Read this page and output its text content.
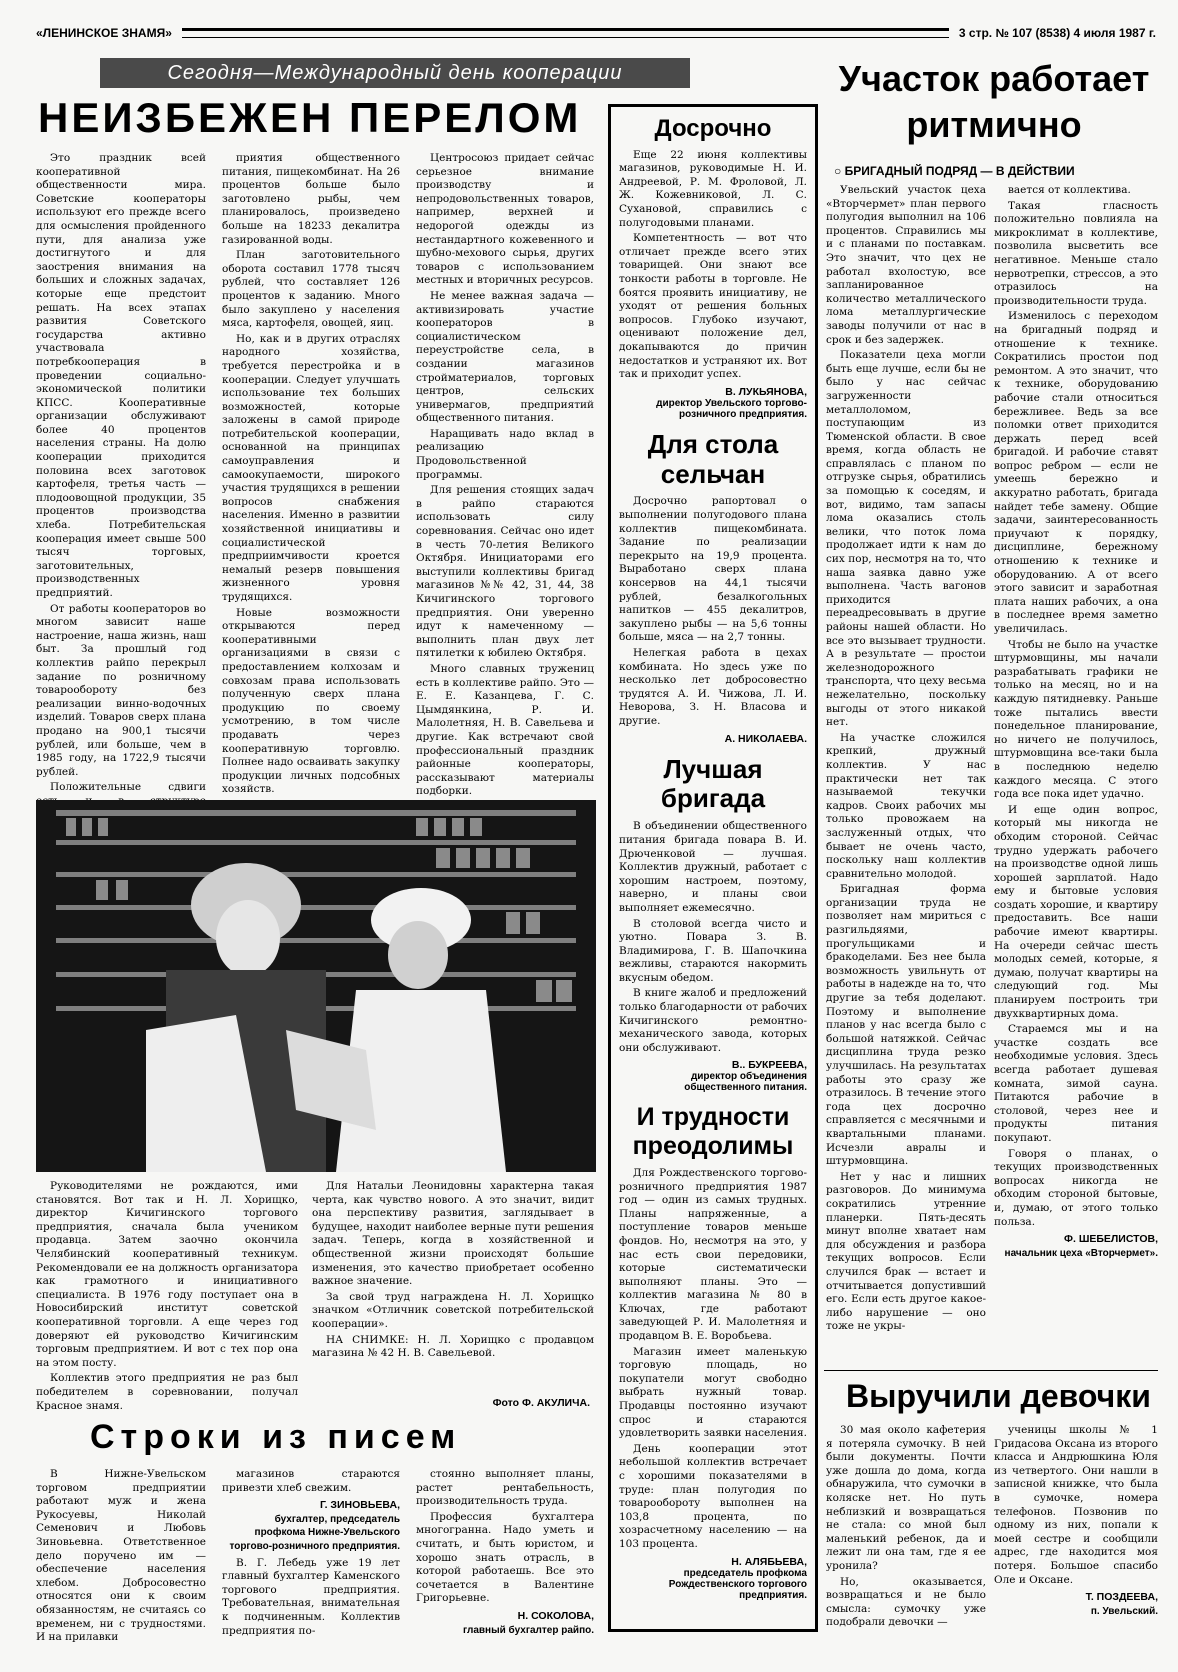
«ЛЕНИНСКОЕ ЗНАМЯ»	3 стр. № 107 (8538) 4 июля 1987 г.
Сегодня—Международный день кооперации
НЕИЗБЕЖЕН ПЕРЕЛОМ

Это праздник всей кооперативной общественности мира. Советские кооператоры используют его прежде всего для осмысления пройденного пути, для анализа уже достигнутого и для заострения внимания на больших и сложных задачах, которые еще предстоит решать. На всех этапах развития Советского государства активно участвовала потребкооперация в проведении социально-экономической политики КПСС. Кооперативные организации обслуживают более 40 процентов населения страны. На долю кооперации приходится половина всех заготовок картофеля, третья часть — плодоовощной продукции, 35 процентов производства хлеба. Потребительская кооперация имеет свыше 500 тысяч торговых, заготовительных, производственных предприятий.

От работы кооператоров во многом зависит наше настроение, наша жизнь, наш быт. За прошлый год коллектив райпо перекрыл задание по розничному товарообороту без реализации винно-водочных изделий. Товаров сверх плана продано на 900,1 тысячи рублей, или больше, чем в 1985 году, на 1722,9 тысячи рублей.

Положительные сдвиги

приятия общественного питания, пищекомбинат. На 26 процентов больше было заготовлено рыбы, чем планировалось, произведено больше на 18233 декалитра газированной воды.

План заготовительного оборота составил 1778 тысяч рублей, что составляет 126 процентов к заданию. Много было закуплено у населения мяса, картофеля, овощей, яиц.

Но, как и в других отраслях народного хозяйства, требуется перестройка и в кооперации. Следует улучшать использование тех больших возможностей, которые заложены в самой природе потребительской кооперации, основанной на принципах самоуправления и самоокупаемости, широкого участия трудящихся в решении вопросов снабжения населения. Именно в развитии хозяйственной инициативы и социалистической предприимчивости кроется немалый резерв повышения жизненного уровня трудящихся.

Новые возможности открываются перед кооперативными организациями в связи с предоставлением колхозам и совхозам права использовать полученную сверх плана продукцию по своему усмотрению, в том числе продавать через кооперативную торговлю. Полнее надо осваивать закупку продукции личных подсобных хозяйств.

Центросоюз придает сейчас серьезное внимание производству и непродовольственных товаров, например, верхней и недорогой одежды из нестандартного кожевенного и шубно-мехового сырья, других товаров с использованием местных и вторичных ресурсов.

Не менее важная задача — активизировать участие кооператоров в социалистическом переустройстве села, в создании магазинов стройматериалов, торговых центров, сельских универмагов, предприятий общественного питания.

Наращивать надо вклад в реализацию Продовольственной программы.

Для решения стоящих задач в райпо стараются использовать силу соревнования. Сейчас оно идет в честь 70-летия Великого Октября. Инициаторами его выступили коллективы бригад магазинов №№ 42, 31, 44, 38 Кичигинского торгового предприятия. Они уверенно идут к намеченному — выполнить план двух лет пятилетки к юбилею Октября.

Много славных тружениц есть в коллективе райпо. Это — Е. Е. Казанцева, Г. С. Цымдянкина, Р. И. Малолетняя, Н. В. Савельева и другие. Как встречают свой профессиональный праздник районные кооператоры, рассказывают материалы подборки.

Руководителями не рождаются, ими становятся. Вот так и Н. Л. Хорищко, директор Кичигинского торгового предприятия, сначала была учеником продавца. Затем заочно окончила Челябинский кооперативный техникум. Рекомендовали ее на должность организатора как грамотного и инициативного специалиста. В 1976 году поступает она в Новосибирский институт советской кооперативной торговли. А еще через год доверяют ей руководство Кичигинским торговым предприятием. И вот с тех пор она на этом посту.

Коллектив этого предприятия не раз был победителем в соревновании, получал Красное знамя.

Для Натальи Леонидовны характерна такая черта, как чувство нового. А это значит, видит она перспективу развития, заглядывает в будущее, находит наиболее верные пути решения задач. Теперь, когда в хозяйственной и общественной жизни происходят большие изменения, это качество приобретает особенно важное значение.

За свой труд награждена Н. Л. Хорищко значком «Отличник советской потребительской кооперации».

НА СНИМКЕ: Н. Л. Хорищко с продавцом магазина № 42 Н. В. Савельевой.

Фото Ф. АКУЛИЧА.
Строки из писем

В Нижне-Увельском торговом предприятии работают муж и жена Рукосуевы, Николай Семенович и Любовь Зиновьевна. Ответственное дело поручено им — обеспечение населения хлебом. Добросовестно относятся они к своим обязанностям, не считаясь со временем, ни с трудностями. И на прилавки

магазинов стараются привезти хлеб свежим.

Г. ЗИНОВЬЕВА,
бухгалтер, председатель профкома Нижне-Увельского торгово-розничного предприятия.

В. Г. Лебедь уже 19 лет главный бухгалтер Каменского торгового предприятия. Требовательная, внимательная к подчиненным. Коллектив предприятия по-

стоянно выполняет планы, растет рентабельность, производительность труда.

Профессия бухгалтера многогранна. Надо уметь и считать, и быть юристом, и хорошо знать отрасль, в которой работаешь. Все это сочетается в Валентине Григорьевне.

Н. СОКОЛОВА,
главный бухгалтер райпо.
Досрочно

Еще 22 июня коллективы магазинов, руководимые Н. И. Андреевой, Р. М. Фроловой, Л. Ж. Кожевниковой, Л. С. Сухановой, справились с полугодовыми планами.

Компетентность — вот что отличает прежде всего этих товарищей. Они знают все тонкости работы в торговле. Не боятся проявить инициативу, не уходят от решения больных вопросов. Глубоко изучают, оценивают положение дел, докапываются до причин недостатков и устраняют их. Вот так и приходит успех.

В. ЛУКЬЯНОВА,
директор Увельского торгово-розничного предприятия.
Для стола сельчан

Досрочно рапортовал о выполнении полугодового плана коллектив пищекомбината. Задание по реализации перекрыто на 19,9 процента. Выработано сверх плана консервов на 44,1 тысячи рублей, безалкогольных напитков — 455 декалитров, закуплено рыбы — на 5,6 тонны больше, мяса — на 2,7 тонны.

Нелегкая работа в цехах комбината. Но здесь уже по несколько лет добросовестно трудятся А. И. Чижова, Л. И. Неворова, З. Н. Власова и другие.

А. НИКОЛАЕВА.
Лучшая бригада

В объединении общественного питания бригада повара В. И. Дрюченковой — лучшая. Коллектив дружный, работает с хорошим настроем, поэтому, наверно, и планы свои выполняет ежемесячно.

В столовой всегда чисто и уютно. Повара З. В. Владимирова, Г. В. Шапочкина вежливы, стараются накормить вкусным обедом.

В книге жалоб и предложений только благодарности от рабочих Кичигинского ремонтно-механического завода, которых они обслуживают.

В.. БУКРЕЕВА,
директор объединения общественного питания.
И трудности преодолимы

Для Рождественского торгово-розничного предприятия 1987 год — один из самых трудных. Планы напряженные, а поступление товаров меньше фондов. Но, несмотря на это, у нас есть свои передовики, которые систематически выполняют планы. Это — коллектив магазина № 80 в Ключах, где работают заведующей Р. И. Малолетняя и продавцом В. Е. Воробьева.

Магазин имеет маленькую торговую площадь, но покупатели могут свободно выбрать нужный товар. Продавцы постоянно изучают спрос и стараются удовлетворить заявки населения.

День кооперации этот небольшой коллектив встречает с хорошими показателями в труде: план полугодия по товарообороту выполнен на 103,8 процента, по хозрасчетному населению — на 103 процента.

Н. АЛЯБЬЕВА,
председатель профкома Рождественского торгового предприятия.
Участок работает ритмично
○ БРИГАДНЫЙ ПОДРЯД — В ДЕЙСТВИИ

Увельский участок цеха «Вторчермет» план первого полугодия выполнил на 106 процентов. Справились мы и с планами по поставкам. Это значит, что цех не работал вхолостую, все запланированное количество металлического лома металлургические заводы получили от нас в срок и без задержек.

Показатели цеха могли быть еще лучше, если бы не было у нас сейчас загруженности металлоломом, поступающим из Тюменской области. В свое время, когда область не справлялась с планом по отгрузке сырья, обратились за помощью к соседям, и вот, видимо, там запасы лома оказались столь велики, что поток лома продолжает идти к нам до сих пор, несмотря на то, что наша заявка давно уже выполнена. Часть вагонов приходится переадресовывать в другие районы нашей области. Но все это вызывает трудности. А в результате — простои железнодорожного транспорта, что цеху весьма нежелательно, поскольку выгоды от этого никакой нет.

На участке сложился крепкий, дружный коллектив. У нас практически нет так называемой текучки кадров. Своих рабочих мы только провожаем на заслуженный отдых, что бывает не очень часто, поскольку наш коллектив сравнительно молодой.

Бригадная форма организации труда не позволяет нам мириться с разгильдяями, прогульщиками и бракоделами. Без нее была возможность увильнуть от работы в надежде на то, что другие за тебя доделают. Поэтому и выполнение планов у нас всегда было с большой натяжкой. Сейчас дисциплина труда резко улучшилась. На результатах работы это сразу же отразилось. В течение этого года цех досрочно справляется с месячными и квартальными планами. Исчезли авралы и штурмовщина.

Нет у нас и лишних разговоров. До минимума сократились утренние планерки. Пять-десять минут вполне хватает нам для обсуждения и разбора текущих вопросов. Если случился брак — встает и отчитывается допустивший его. Если есть другое какое-либо нарушение — оно тоже не укры-

вается от коллектива.

Такая гласность положительно повлияла на микроклимат в коллективе, позволила высветить все негативное. Меньше стало нервотрепки, стрессов, а это отразилось на производительности труда.

Изменилось с переходом на бригадный подряд и отношение к технике. Сократились простои под ремонтом. А это значит, что к технике, оборудованию рабочие стали относиться бережливее. Ведь за все поломки ответ приходится держать перед всей бригадой. И рабочие ставят вопрос ребром — если не умеешь бережно и аккуратно работать, бригада найдет тебе замену. Общие задачи, заинтересованность приучают к порядку, дисциплине, бережному отношению к технике и оборудованию. А от всего этого зависит и заработная плата наших рабочих, а она в последнее время заметно увеличилась.

Чтобы не было на участке штурмовщины, мы начали разрабатывать графики не только на месяц, но и на каждую пятидневку. Раньше тоже пытались ввести понедельное планирование, но ничего не получилось, штурмовщина все-таки была в последнюю неделю каждого месяца. С этого года все пока идет удачно.

И еще один вопрос, который мы никогда не обходим стороной. Сейчас трудно удержать рабочего на производстве одной лишь хорошей зарплатой. Надо ему и бытовые условия создать хорошие, и квартиру предоставить. Все наши рабочие имеют квартиры. На очереди сейчас шесть молодых семей, которые, я думаю, получат квартиры на следующий год. Мы планируем построить три двухквартирных дома.

Стараемся мы и на участке создать все необходимые условия. Здесь всегда работает душевая комната, зимой сауна. Питаются рабочие в столовой, через нее и продукты питания покупают.

Говоря о планах, о текущих производственных вопросах никогда не обходим стороной бытовые, и, думаю, от этого только польза.

Ф. ШЕБЕЛИСТОВ,
начальник цеха «Вторчермет».
Выручили девочки

30 мая около кафетерия я потеряла сумочку. В ней были документы. Почти уже дошла до дома, когда обнаружила, что сумочки в коляске нет. Но путь неблизкий и возвращаться не стала: со мной был маленький ребенок, да и лежит ли она там, где я ее уронила?

Но, оказывается, возвращаться и не было смысла: сумочку уже подобрали девочки —

ученицы школы № 1 Гридасова Оксана из второго класса и Андрюшкина Юля из четвертого. Они нашли в записной книжке, что была в сумочке, номера телефонов. Позвонив по одному из них, попали к моей сестре и сообщили адрес, где находится моя потеря. Большое спасибо Оле и Оксане.

Т. ПОЗДЕЕВА,
п. Увельский.
